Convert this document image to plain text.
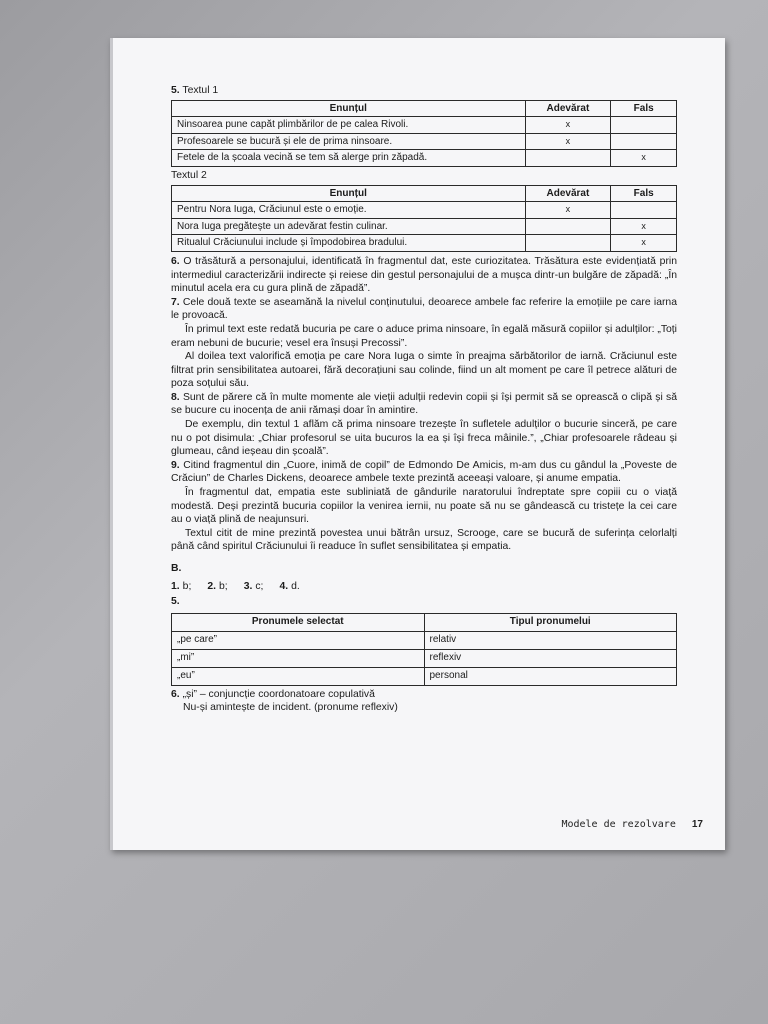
5. Textul 1
Enunțul	Adevărat	Fals
Ninsoarea pune capăt plimbărilor de pe calea Rivoli.	x	
Profesoarele se bucură și ele de prima ninsoare.	x	
Fetele de la școala vecină se tem să alerge prin zăpadă.		x
Textul 2
Enunțul	Adevărat	Fals
Pentru Nora Iuga, Crăciunul este o emoție.	x	
Nora Iuga pregătește un adevărat festin culinar.		x
Ritualul Crăciunului include și împodobirea bradului.		x

6. O trăsătură a personajului, identificată în fragmentul dat, este curiozitatea. Trăsătura este evidențiată prin intermediul caracterizării indirecte și reiese din gestul personajului de a mușca dintr-un bulgăre de zăpadă: „În minutul acela era cu gura plină de zăpadă”.

7. Cele două texte se aseamănă la nivelul conținutului, deoarece ambele fac referire la emoțiile pe care iarna le provoacă.

În primul text este redată bucuria pe care o aduce prima ninsoare, în egală măsură copiilor și adulților: „Toți eram nebuni de bucurie; vesel era însuși Precossi”.

Al doilea text valorifică emoția pe care Nora Iuga o simte în preajma sărbătorilor de iarnă. Crăciunul este filtrat prin sensibilitatea autoarei, fără decorațiuni sau colinde, fiind un alt moment pe care îl petrece alături de poza soțului său.

8. Sunt de părere că în multe momente ale vieții adulții redevin copii și își permit să se oprească o clipă și să se bucure cu inocența de anii rămași doar în amintire.

De exemplu, din textul 1 aflăm că prima ninsoare trezește în sufletele adulților o bucurie sinceră, pe care nu o pot disimula: „Chiar profesorul se uita bucuros la ea și își freca mâinile.”, „Chiar profesoarele râdeau și glumeau, când ieșeau din școală”.

9. Citind fragmentul din „Cuore, inimă de copil” de Edmondo De Amicis, m-am dus cu gândul la „Poveste de Crăciun” de Charles Dickens, deoarece ambele texte prezintă aceeași valoare, și anume empatia.

În fragmentul dat, empatia este subliniată de gândurile naratorului îndreptate spre copiii cu o viață modestă. Deși prezintă bucuria copiilor la venirea iernii, nu poate să nu se gândească cu tristețe la cei care au o viață plină de neajunsuri.

Textul citit de mine prezintă povestea unui bătrân ursuz, Scrooge, care se bucură de suferința celorlalți până când spiritul Crăciunului îi readuce în suflet sensibilitatea și empatia.

B.
1. b; 2. b; 3. c; 4. d.
5.
Pronumele selectat	Tipul pronumelui
„pe care”	relativ
„mi”	reflexiv
„eu”	personal

6. „și” – conjuncție coordonatoare copulativă

Nu-și amintește de incident. (pronume reflexiv)

Modele de rezolvare 17
